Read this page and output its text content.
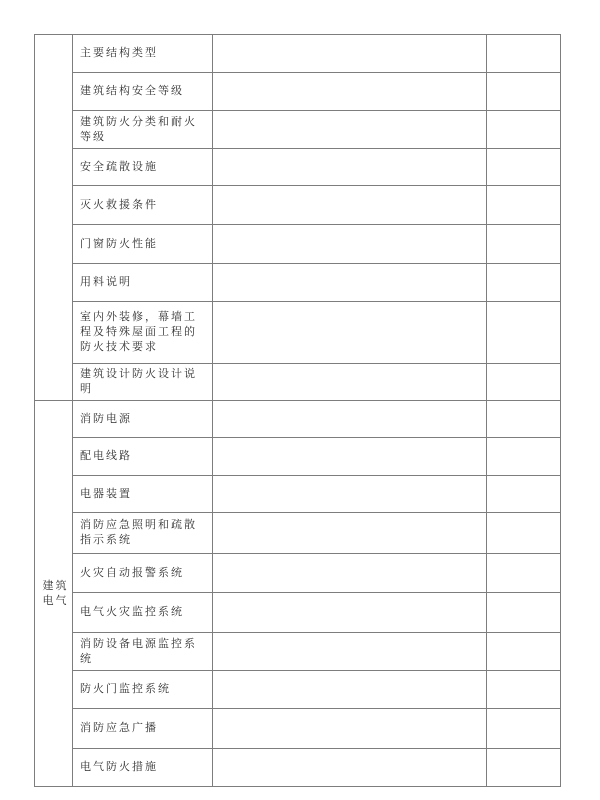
	主要结构类型		
	建筑结构安全等级		
	建筑防火分类和耐火等级		
	安全疏散设施		
	灭火救援条件		
	门窗防火性能		
	用料说明		
	室内外装修，幕墙工程及特殊屋面工程的防火技术要求		
	建筑设计防火设计说明		
建筑电气	消防电源		
	配电线路		
	电器装置		
	消防应急照明和疏散指示系统		
	火灾自动报警系统		
	电气火灾监控系统		
	消防设备电源监控系统		
	防火门监控系统		
	消防应急广播		
	电气防火措施		
